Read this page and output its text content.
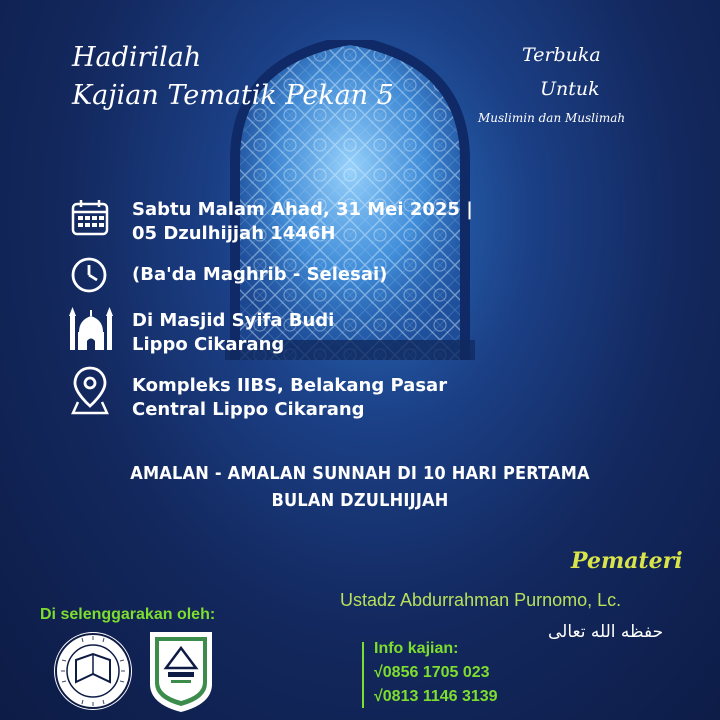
Hadirilah
Kajian Tematik Pekan 5
Terbuka
Untuk
Muslimin dan Muslimah
Sabtu Malam Ahad, 31 Mei 2025 |
05 Dzulhijjah 1446H
(Ba'da Maghrib - Selesai)
Di Masjid Syifa Budi
Lippo Cikarang
Kompleks IIBS, Belakang Pasar
Central Lippo Cikarang
AMALAN - AMALAN SUNNAH DI 10 HARI PERTAMA
BULAN DZULHIJJAH
Pemateri
Ustadz Abdurrahman Purnomo, Lc.
حفظه الله تعالى
Di selenggarakan oleh:
Info kajian:
√0856 1705 023
√0813 1146 3139
